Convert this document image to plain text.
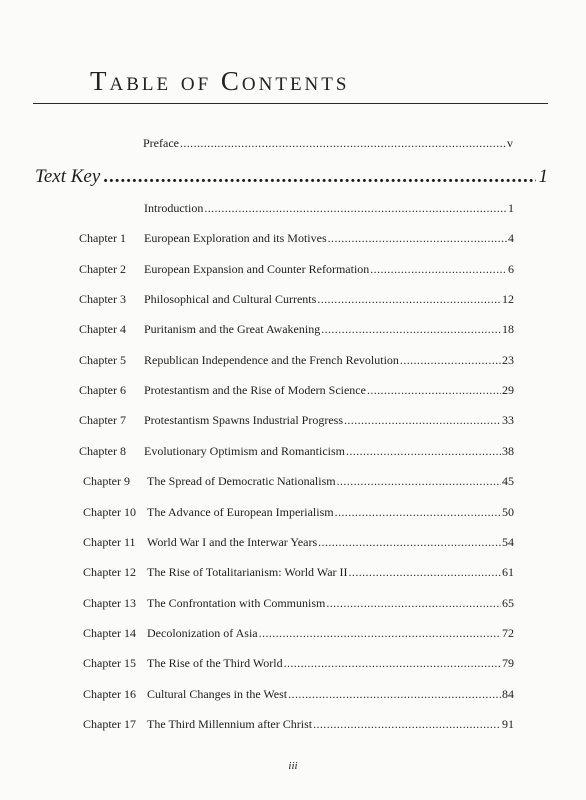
Table of Contents
Preface .....	v
Text Key .....	1
Introduction .....	1
Chapter 1	European Exploration and its Motives .....	4
Chapter 2	European Expansion and Counter Reformation .....	6
Chapter 3	Philosophical and Cultural Currents .....	12
Chapter 4	Puritanism and the Great Awakening .....	18
Chapter 5	Republican Independence and the French Revolution .....	23
Chapter 6	Protestantism and the Rise of Modern Science .....	29
Chapter 7	Protestantism Spawns Industrial Progress .....	33
Chapter 8	Evolutionary Optimism and Romanticism .....	38
Chapter 9	The Spread of Democratic Nationalism .....	45
Chapter 10 The Advance of European Imperialism .....	50
Chapter 11 World War I and the Interwar Years .....	54
Chapter 12 The Rise of Totalitarianism: World War II .....	61
Chapter 13 The Confrontation with Communism .....	65
Chapter 14 Decolonization of Asia .....	72
Chapter 15 The Rise of the Third World .....	79
Chapter 16 Cultural Changes in the West .....	84
Chapter 17 The Third Millennium after Christ .....	91
iii
